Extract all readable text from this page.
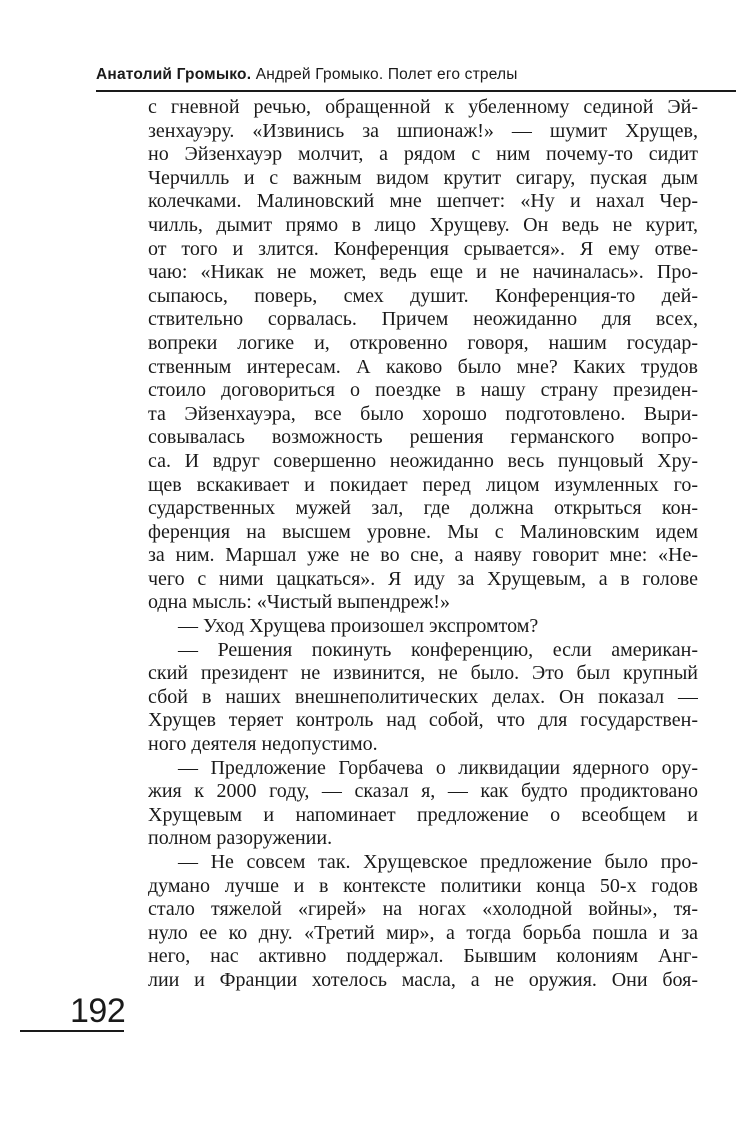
Анатолий Громыко. Андрей Громыко. Полет его стрелы
с гневной речью, обращенной к убеленному сединой Эй-
зенхауэру. «Извинись за шпионаж!» — шумит Хрущев,
но Эйзенхауэр молчит, а рядом с ним почему-то сидит
Черчилль и с важным видом крутит сигару, пуская дым
колечками. Малиновский мне шепчет: «Ну и нахал Чер-
чилль, дымит прямо в лицо Хрущеву. Он ведь не курит,
от того и злится. Конференция срывается». Я ему отве-
чаю: «Никак не может, ведь еще и не начиналась». Про-
сыпаюсь, поверь, смех душит. Конференция-то дей-
ствительно сорвалась. Причем неожиданно для всех,
вопреки логике и, откровенно говоря, нашим государ-
ственным интересам. А каково было мне? Каких трудов
стоило договориться о поездке в нашу страну президен-
та Эйзенхауэра, все было хорошо подготовлено. Выри-
совывалась возможность решения германского вопро-
са. И вдруг совершенно неожиданно весь пунцовый Хру-
щев вскакивает и покидает перед лицом изумленных го-
сударственных мужей зал, где должна открыться кон-
ференция на высшем уровне. Мы с Малиновским идем
за ним. Маршал уже не во сне, а наяву говорит мне: «Не-
чего с ними цацкаться». Я иду за Хрущевым, а в голове
одна мысль: «Чистый выпендреж!»
— Уход Хрущева произошел экспромтом?
— Решения покинуть конференцию, если американ-
ский президент не извинится, не было. Это был крупный
сбой в наших внешнеполитических делах. Он показал —
Хрущев теряет контроль над собой, что для государствен-
ного деятеля недопустимо.
— Предложение Горбачева о ликвидации ядерного ору-
жия к 2000 году, — сказал я, — как будто продиктовано
Хрущевым и напоминает предложение о всеобщем и
полном разоружении.
— Не совсем так. Хрущевское предложение было про-
думано лучше и в контексте политики конца 50-х годов
стало тяжелой «гирей» на ногах «холодной войны», тя-
нуло ее ко дну. «Третий мир», а тогда борьба пошла и за
него, нас активно поддержал. Бывшим колониям Анг-
лии и Франции хотелось масла, а не оружия. Они боя-
192
